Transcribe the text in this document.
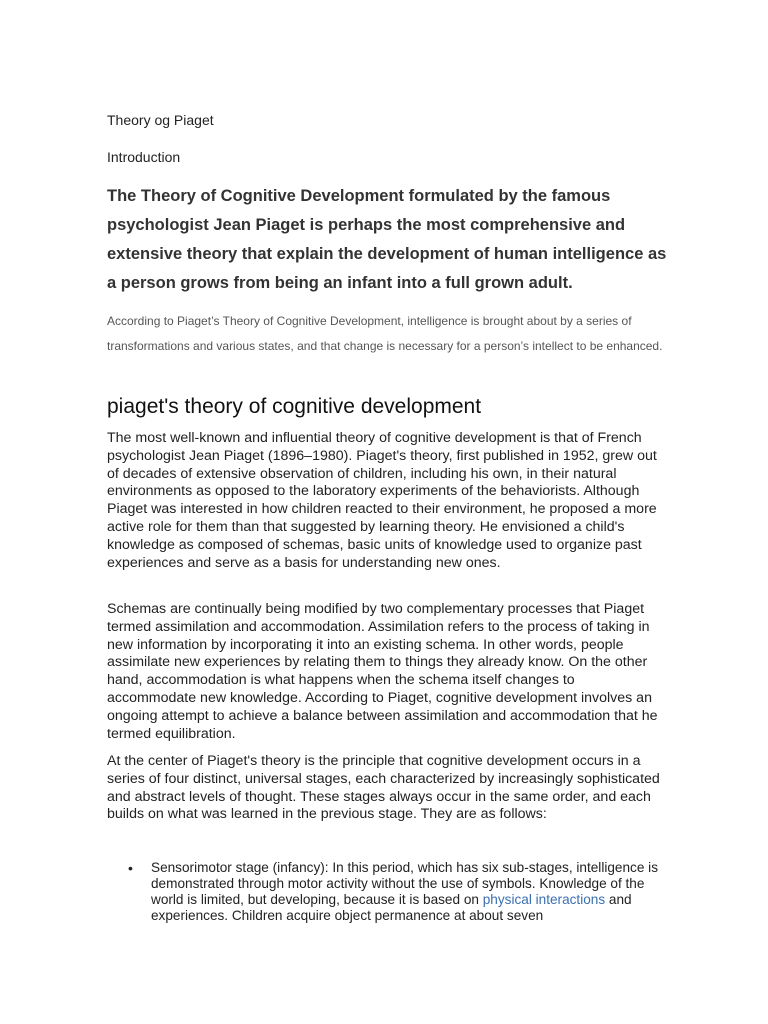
Theory og Piaget

Introduction

The Theory of Cognitive Development formulated by the famous psychologist Jean Piaget is perhaps the most comprehensive and extensive theory that explain the development of human intelligence as a person grows from being an infant into a full grown adult.

According to Piaget’s Theory of Cognitive Development, intelligence is brought about by a series of transformations and various states, and that change is necessary for a person’s intellect to be enhanced.

piaget's theory of cognitive development

The most well-known and influential theory of cognitive development is that of French psychologist Jean Piaget (1896–1980). Piaget's theory, first published in 1952, grew out of decades of extensive observation of children, including his own, in their natural environments as opposed to the laboratory experiments of the behaviorists. Although Piaget was interested in how children reacted to their environment, he proposed a more active role for them than that suggested by learning theory. He envisioned a child's knowledge as composed of schemas, basic units of knowledge used to organize past experiences and serve as a basis for understanding new ones.

Schemas are continually being modified by two complementary processes that Piaget termed assimilation and accommodation. Assimilation refers to the process of taking in new information by incorporating it into an existing schema. In other words, people assimilate new experiences by relating them to things they already know. On the other hand, accommodation is what happens when the schema itself changes to accommodate new knowledge. According to Piaget, cognitive development involves an ongoing attempt to achieve a balance between assimilation and accommodation that he termed equilibration.

At the center of Piaget's theory is the principle that cognitive development occurs in a series of four distinct, universal stages, each characterized by increasingly sophisticated and abstract levels of thought. These stages always occur in the same order, and each builds on what was learned in the previous stage. They are as follows:

• Sensorimotor stage (infancy): In this period, which has six sub-stages, intelligence is demonstrated through motor activity without the use of symbols. Knowledge of the world is limited, but developing, because it is based on physical interactions and experiences. Children acquire object permanence at about seven
